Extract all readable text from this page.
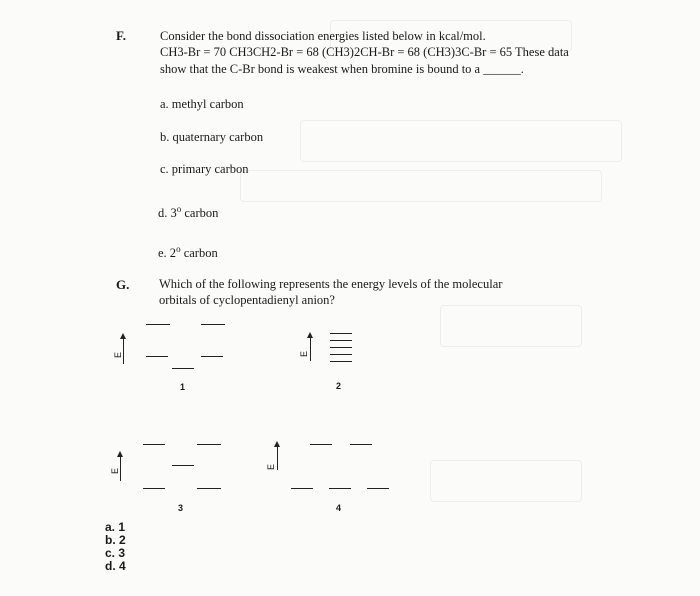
F.	Consider the bond dissociation energies listed below in kcal/mol.
CH3-Br = 70 CH3CH2-Br = 68 (CH3)2CH-Br = 68 (CH3)3C-Br = 65 These data
show that the C-Br bond is weakest when bromine is bound to a ______.
a. methyl carbon
b. quaternary carbon
c. primary carbon
d. 3$^o$ carbon
e. 2$^o$ carbon
G. Which of the following represents the energy levels of the molecular
orbitals of cyclopentadienyl anion?
E
1
E
2
E
3
E
4
a. 1
b. 2
c. 3
d. 4
